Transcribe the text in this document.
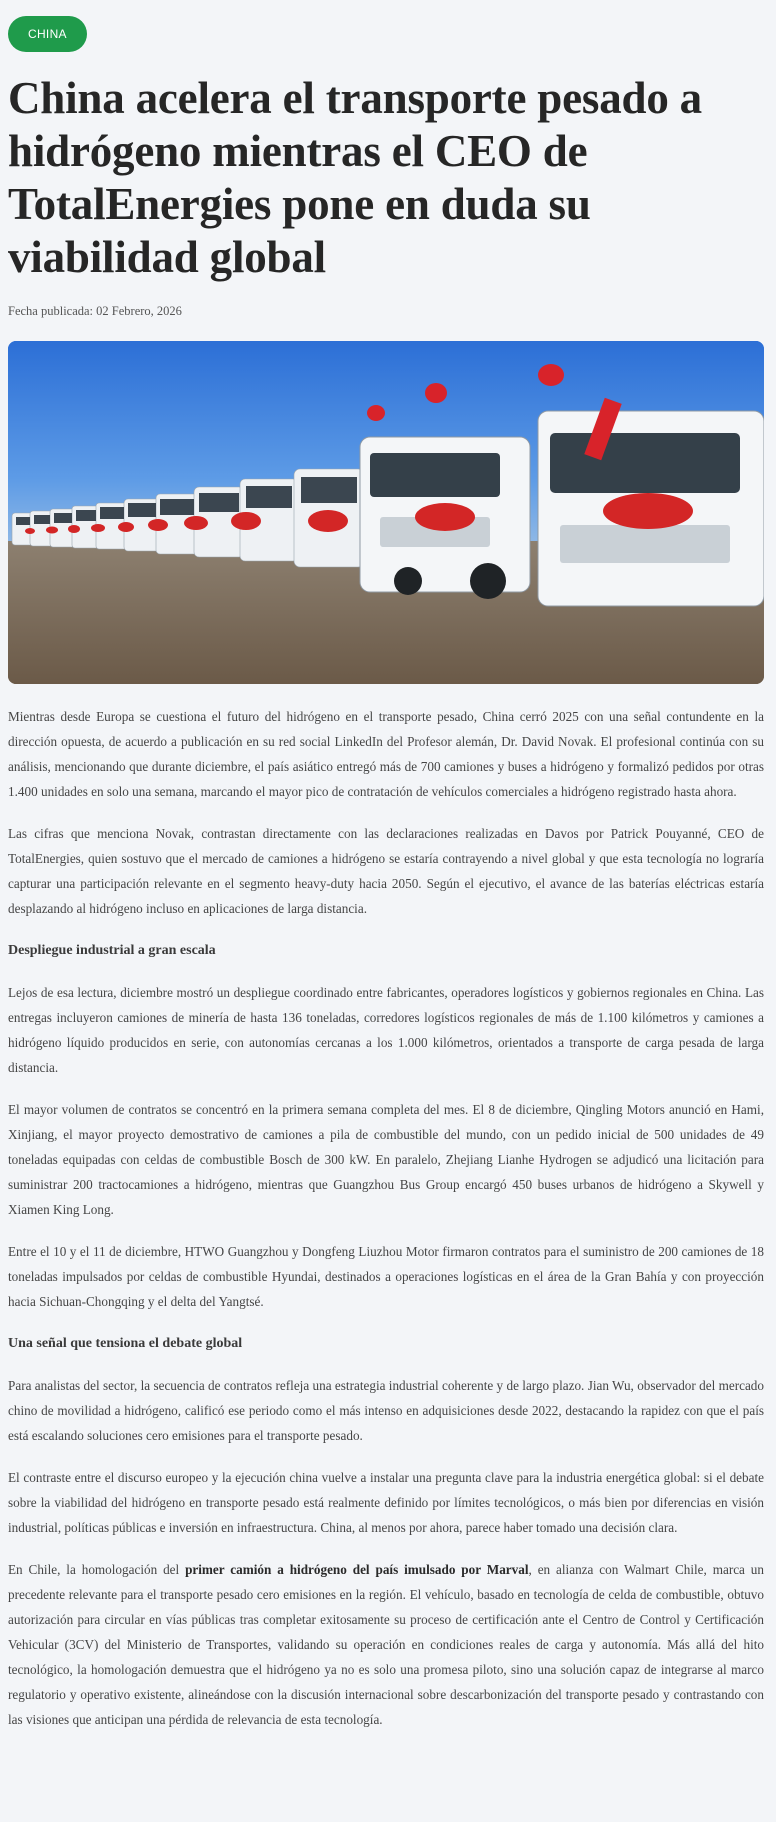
CHINA
China acelera el transporte pesado a hidrógeno mientras el CEO de TotalEnergies pone en duda su viabilidad global
Fecha publicada: 02 Febrero, 2026

Mientras desde Europa se cuestiona el futuro del hidrógeno en el transporte pesado, China cerró 2025 con una señal contundente en la dirección opuesta, de acuerdo a publicación en su red social LinkedIn del Profesor alemán, Dr. David Novak. El profesional continúa con su análisis, mencionando que durante diciembre, el país asiático entregó más de 700 camiones y buses a hidrógeno y formalizó pedidos por otras 1.400 unidades en solo una semana, marcando el mayor pico de contratación de vehículos comerciales a hidrógeno registrado hasta ahora.

Las cifras que menciona Novak, contrastan directamente con las declaraciones realizadas en Davos por Patrick Pouyanné, CEO de TotalEnergies, quien sostuvo que el mercado de camiones a hidrógeno se estaría contrayendo a nivel global y que esta tecnología no lograría capturar una participación relevante en el segmento heavy-duty hacia 2050. Según el ejecutivo, el avance de las baterías eléctricas estaría desplazando al hidrógeno incluso en aplicaciones de larga distancia.

Despliegue industrial a gran escala

Lejos de esa lectura, diciembre mostró un despliegue coordinado entre fabricantes, operadores logísticos y gobiernos regionales en China. Las entregas incluyeron camiones de minería de hasta 136 toneladas, corredores logísticos regionales de más de 1.100 kilómetros y camiones a hidrógeno líquido producidos en serie, con autonomías cercanas a los 1.000 kilómetros, orientados a transporte de carga pesada de larga distancia.

El mayor volumen de contratos se concentró en la primera semana completa del mes. El 8 de diciembre, Qingling Motors anunció en Hami, Xinjiang, el mayor proyecto demostrativo de camiones a pila de combustible del mundo, con un pedido inicial de 500 unidades de 49 toneladas equipadas con celdas de combustible Bosch de 300 kW. En paralelo, Zhejiang Lianhe Hydrogen se adjudicó una licitación para suministrar 200 tractocamiones a hidrógeno, mientras que Guangzhou Bus Group encargó 450 buses urbanos de hidrógeno a Skywell y Xiamen King Long.

Entre el 10 y el 11 de diciembre, HTWO Guangzhou y Dongfeng Liuzhou Motor firmaron contratos para el suministro de 200 camiones de 18 toneladas impulsados por celdas de combustible Hyundai, destinados a operaciones logísticas en el área de la Gran Bahía y con proyección hacia Sichuan-Chongqing y el delta del Yangtsé.

Una señal que tensiona el debate global

Para analistas del sector, la secuencia de contratos refleja una estrategia industrial coherente y de largo plazo. Jian Wu, observador del mercado chino de movilidad a hidrógeno, calificó ese periodo como el más intenso en adquisiciones desde 2022, destacando la rapidez con que el país está escalando soluciones cero emisiones para el transporte pesado.

El contraste entre el discurso europeo y la ejecución china vuelve a instalar una pregunta clave para la industria energética global: si el debate sobre la viabilidad del hidrógeno en transporte pesado está realmente definido por límites tecnológicos, o más bien por diferencias en visión industrial, políticas públicas e inversión en infraestructura. China, al menos por ahora, parece haber tomado una decisión clara.

En Chile, la homologación del primer camión a hidrógeno del país imulsado por Marval, en alianza con Walmart Chile, marca un precedente relevante para el transporte pesado cero emisiones en la región. El vehículo, basado en tecnología de celda de combustible, obtuvo autorización para circular en vías públicas tras completar exitosamente su proceso de certificación ante el Centro de Control y Certificación Vehicular (3CV) del Ministerio de Transportes, validando su operación en condiciones reales de carga y autonomía. Más allá del hito tecnológico, la homologación demuestra que el hidrógeno ya no es solo una promesa piloto, sino una solución capaz de integrarse al marco regulatorio y operativo existente, alineándose con la discusión internacional sobre descarbonización del transporte pesado y contrastando con las visiones que anticipan una pérdida de relevancia de esta tecnología.
